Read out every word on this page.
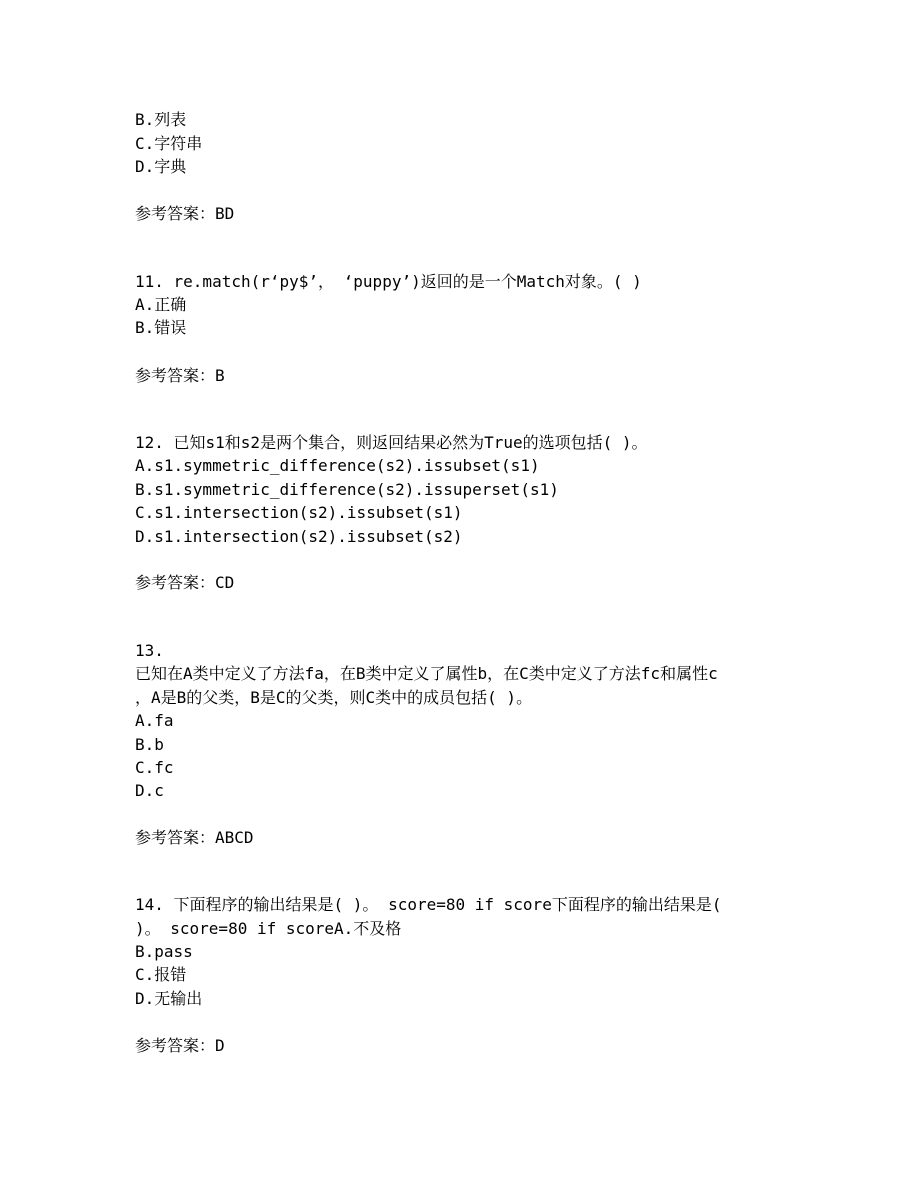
B.列表
C.字符串
D.字典
参考答案：BD
11. re.match(r‘py$’， ‘puppy’)返回的是一个Match对象。( )
A.正确
B.错误
参考答案：B
12. 已知s1和s2是两个集合，则返回结果必然为True的选项包括( )。
A.s1.symmetric_difference(s2).issubset(s1)
B.s1.symmetric_difference(s2).issuperset(s1)
C.s1.intersection(s2).issubset(s1)
D.s1.intersection(s2).issubset(s2)
参考答案：CD
13.
已知在A类中定义了方法fa，在B类中定义了属性b，在C类中定义了方法fc和属性c
，A是B的父类，B是C的父类，则C类中的成员包括( )。
A.fa
B.b
C.fc
D.c
参考答案：ABCD
14. 下面程序的输出结果是( )。 score=80 if score下面程序的输出结果是(
)。 score=80 if scoreA.不及格
B.pass
C.报错
D.无输出
参考答案：D
